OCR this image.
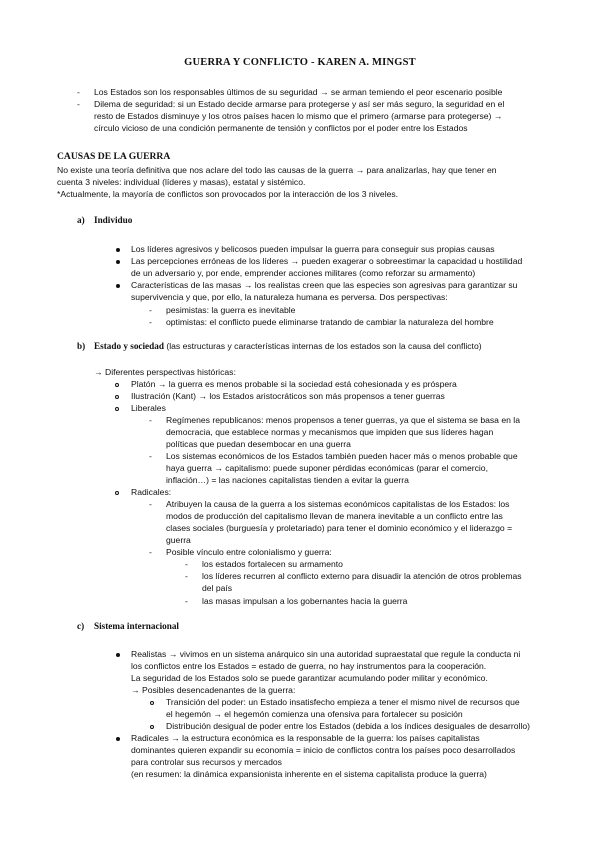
GUERRA Y CONFLICTO - KAREN A. MINGST
- Los Estados son los responsables últimos de su seguridad → se arman temiendo el peor escenario posible
- Dilema de seguridad: si un Estado decide armarse para protegerse y así ser más seguro, la seguridad en el
resto de Estados disminuye y los otros países hacen lo mismo que el primero (armarse para protegerse) →
círculo vicioso de una condición permanente de tensión y conflictos por el poder entre los Estados
CAUSAS DE LA GUERRA
No existe una teoría definitiva que nos aclare del todo las causas de la guerra → para analizarlas, hay que tener en
cuenta 3 niveles: individual (líderes y masas), estatal y sistémico.
*Actualmente, la mayoría de conflictos son provocados por la interacción de los 3 niveles.
a) Individuo
Los líderes agresivos y belicosos pueden impulsar la guerra para conseguir sus propias causas
Las percepciones erróneas de los líderes → pueden exagerar o sobreestimar la capacidad u hostilidad
de un adversario y, por ende, emprender acciones militares (como reforzar su armamento)
Características de las masas → los realistas creen que las especies son agresivas para garantizar su
supervivencia y que, por ello, la naturaleza humana es perversa. Dos perspectivas:
- pesimistas: la guerra es inevitable
- optimistas: el conflicto puede eliminarse tratando de cambiar la naturaleza del hombre
b) Estado y sociedad (las estructuras y características internas de los estados son la causa del conflicto)
→ Diferentes perspectivas históricas:
Platón → la guerra es menos probable si la sociedad está cohesionada y es próspera
Ilustración (Kant) → los Estados aristocráticos son más propensos a tener guerras
Liberales
- Regímenes republicanos: menos propensos a tener guerras, ya que el sistema se basa en la
democracia, que establece normas y mecanismos que impiden que sus líderes hagan
políticas que puedan desembocar en una guerra
- Los sistemas económicos de los Estados también pueden hacer más o menos probable que
haya guerra → capitalismo: puede suponer pérdidas económicas (parar el comercio,
inflación…) = las naciones capitalistas tienden a evitar la guerra
Radicales:
- Atribuyen la causa de la guerra a los sistemas económicos capitalistas de los Estados: los
modos de producción del capitalismo llevan de manera inevitable a un conflicto entre las
clases sociales (burguesía y proletariado) para tener el dominio económico y el liderazgo =
guerra
- Posible vínculo entre colonialismo y guerra:
- los estados fortalecen su armamento
- los líderes recurren al conflicto externo para disuadir la atención de otros problemas
del país
- las masas impulsan a los gobernantes hacia la guerra
c) Sistema internacional
Realistas → vivimos en un sistema anárquico sin una autoridad supraestatal que regule la conducta ni
los conflictos entre los Estados = estado de guerra, no hay instrumentos para la cooperación.
La seguridad de los Estados solo se puede garantizar acumulando poder militar y económico.
→ Posibles desencadenantes de la guerra:
Transición del poder: un Estado insatisfecho empieza a tener el mismo nivel de recursos que
el hegemón → el hegemón comienza una ofensiva para fortalecer su posición
Distribución desigual de poder entre los Estados (debida a los índices desiguales de desarrollo)
Radicales → la estructura económica es la responsable de la guerra: los países capitalistas
dominantes quieren expandir su economía = inicio de conflictos contra los países poco desarrollados
para controlar sus recursos y mercados
(en resumen: la dinámica expansionista inherente en el sistema capitalista produce la guerra)
